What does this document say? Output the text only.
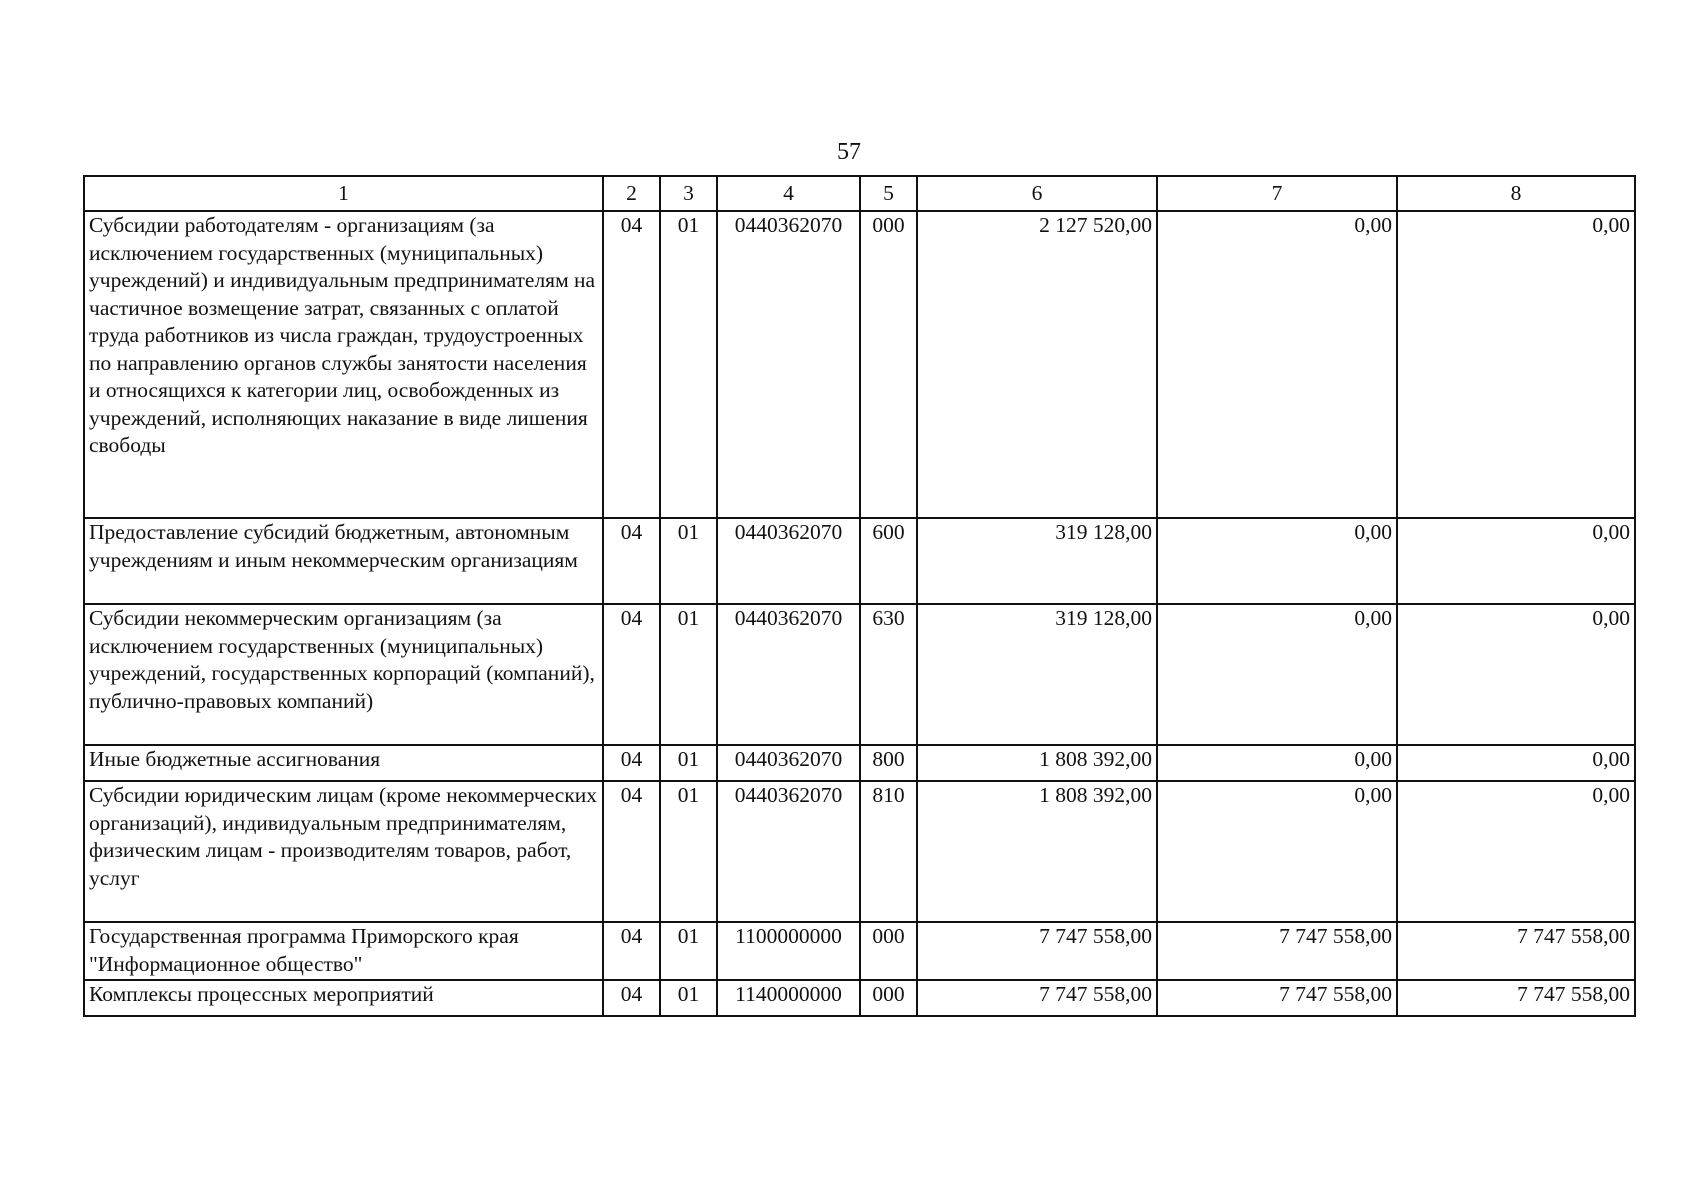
57
1	2	3	4	5	6	7	8
Субсидии работодателям - организациям (за исключением государственных (муниципальных) учреждений) и индивидуальным предпринимателям на частичное возмещение затрат, связанных с оплатой труда работников из числа граждан, трудоустроенных по направлению органов службы занятости населения и относящихся к категории лиц, освобожденных из учреждений, исполняющих наказание в виде лишения свободы	04	01	0440362070	000	2 127 520,00	0,00	0,00
Предоставление субсидий бюджетным, автономным учреждениям и иным некоммерческим организациям	04	01	0440362070	600	319 128,00	0,00	0,00
Субсидии некоммерческим организациям (за исключением государственных (муниципальных) учреждений, государственных корпораций (компаний), публично-правовых компаний)	04	01	0440362070	630	319 128,00	0,00	0,00
Иные бюджетные ассигнования	04	01	0440362070	800	1 808 392,00	0,00	0,00
Субсидии юридическим лицам (кроме некоммерческих организаций), индивидуальным предпринимателям, физическим лицам - производителям товаров, работ, услуг	04	01	0440362070	810	1 808 392,00	0,00	0,00
Государственная программа Приморского края "Информационное общество"	04	01	1100000000	000	7 747 558,00	7 747 558,00	7 747 558,00
Комплексы процессных мероприятий	04	01	1140000000	000	7 747 558,00	7 747 558,00	7 747 558,00
